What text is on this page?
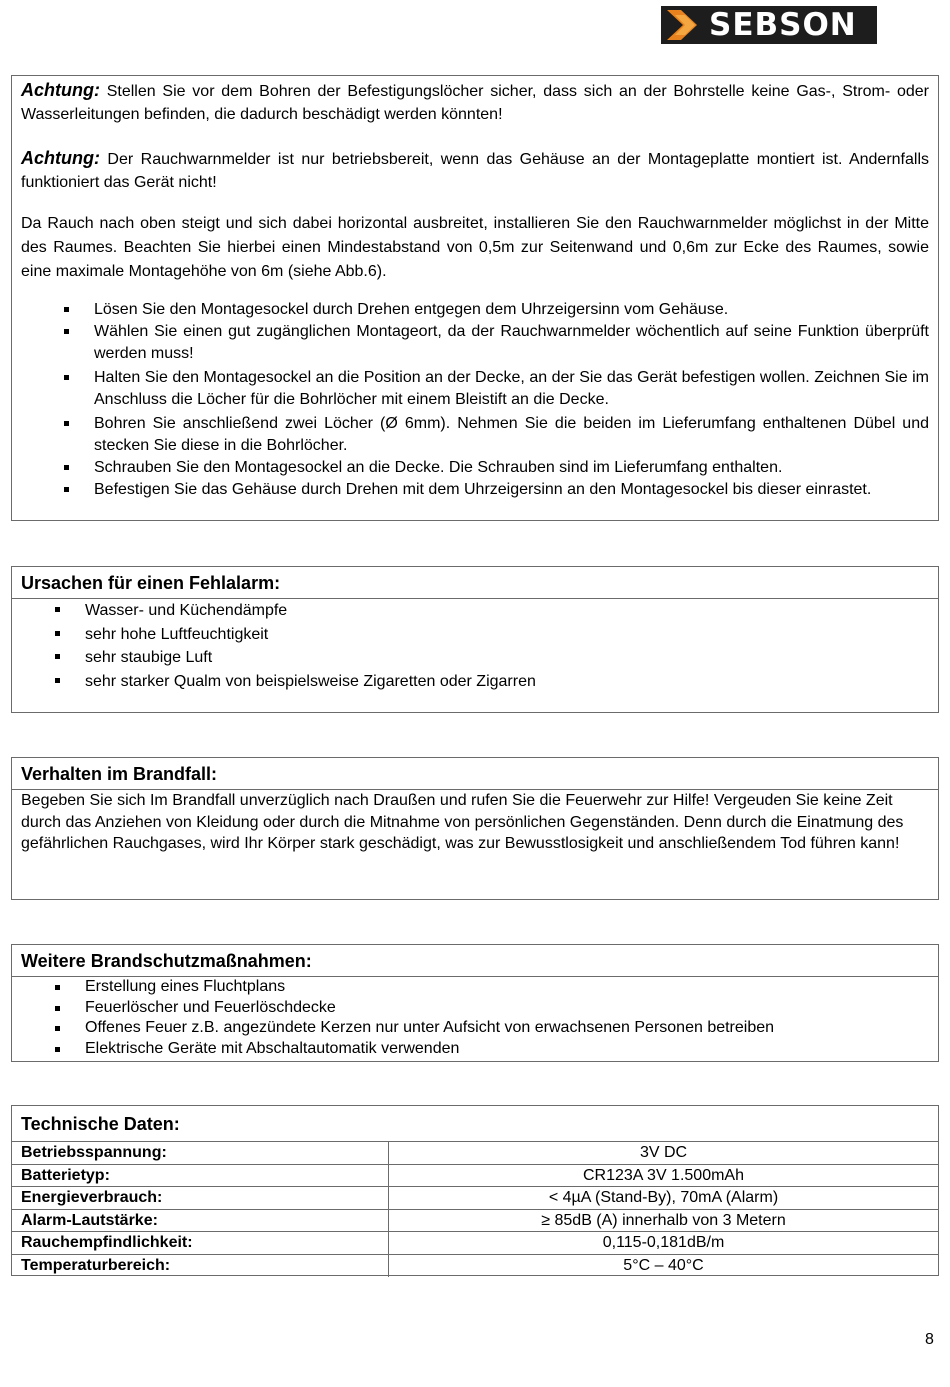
SEBSON

Achtung: Stellen Sie vor dem Bohren der Befestigungslöcher sicher, dass sich an der Bohrstelle keine Gas-, Strom- oder Wasserleitungen befinden, die dadurch beschädigt werden könnten!

Achtung: Der Rauchwarnmelder ist nur betriebsbereit, wenn das Gehäuse an der Montageplatte montiert ist. Andernfalls funktioniert das Gerät nicht!

Da Rauch nach oben steigt und sich dabei horizontal ausbreitet, installieren Sie den Rauchwarnmelder möglichst in der Mitte des Raumes. Beachten Sie hierbei einen Mindestabstand von 0,5m zur Seitenwand und 0,6m zur Ecke des Raumes, sowie eine maximale Montagehöhe von 6m (siehe Abb.6).

Lösen Sie den Montagesockel durch Drehen entgegen dem Uhrzeigersinn vom Gehäuse.
Wählen Sie einen gut zugänglichen Montageort, da der Rauchwarnmelder wöchentlich auf seine Funktion überprüft werden muss!
Halten Sie den Montagesockel an die Position an der Decke, an der Sie das Gerät befestigen wollen. Zeichnen Sie im Anschluss die Löcher für die Bohrlöcher mit einem Bleistift an die Decke.
Bohren Sie anschließend zwei Löcher (Ø 6mm). Nehmen Sie die beiden im Lieferumfang enthaltenen Dübel und stecken Sie diese in die Bohrlöcher.
Schrauben Sie den Montagesockel an die Decke. Die Schrauben sind im Lieferumfang enthalten.
Befestigen Sie das Gehäuse durch Drehen mit dem Uhrzeigersinn an den Montagesockel bis dieser einrastet.
Ursachen für einen Fehlalarm:
Wasser- und Küchendämpfe
sehr hohe Luftfeuchtigkeit
sehr staubige Luft
sehr starker Qualm von beispielsweise Zigaretten oder Zigarren
Verhalten im Brandfall:

Begeben Sie sich Im Brandfall unverzüglich nach Draußen und rufen Sie die Feuerwehr zur Hilfe! Vergeuden Sie keine Zeit durch das Anziehen von Kleidung oder durch die Mitnahme von persönlichen Gegenständen. Denn durch die Einatmung des gefährlichen Rauchgases, wird Ihr Körper stark geschädigt, was zur Bewusstlosigkeit und anschließendem Tod führen kann!

Weitere Brandschutzmaßnahmen:
Erstellung eines Fluchtplans
Feuerlöscher und Feuerlöschdecke
Offenes Feuer z.B. angezündete Kerzen nur unter Aufsicht von erwachsenen Personen betreiben
Elektrische Geräte mit Abschaltautomatik verwenden
Technische Daten:
Betriebsspannung:	3V DC
Batterietyp:	CR123A 3V 1.500mAh
Energieverbrauch:	< 4µA (Stand-By), 70mA (Alarm)
Alarm-Lautstärke:	≥ 85dB (A) innerhalb von 3 Metern
Rauchempfindlichkeit:	0,115-0,181dB/m
Temperaturbereich:	5°C – 40°C
8
